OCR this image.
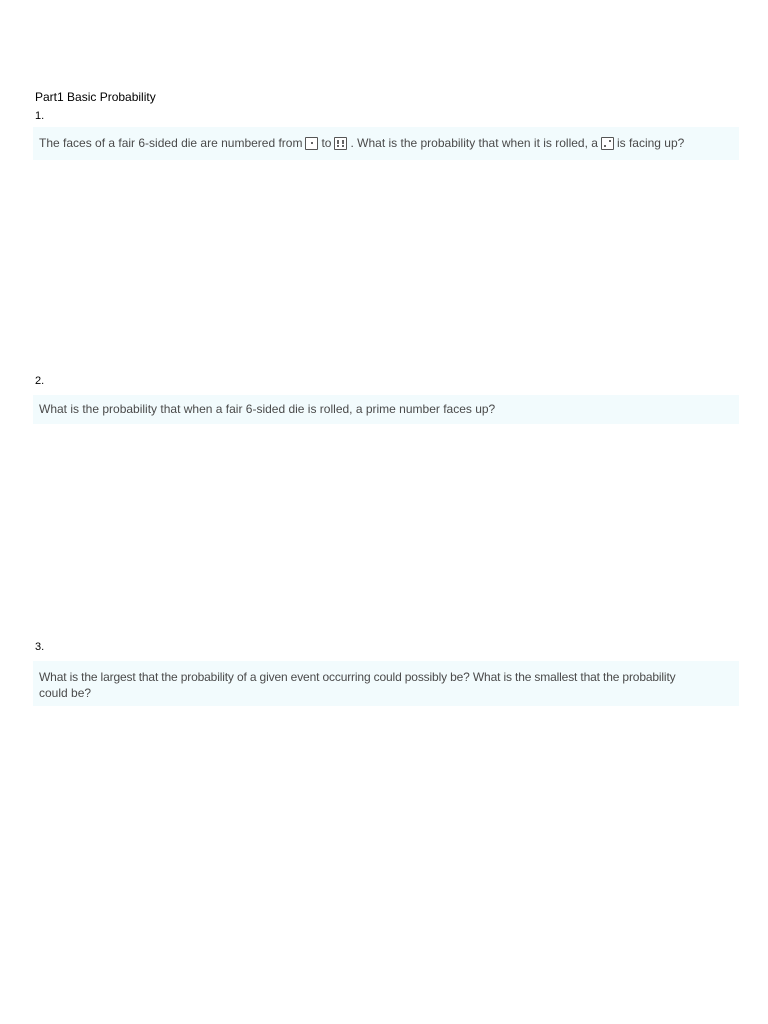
Part1 Basic Probability
1.
The faces of a fair 6-sided die are numbered from to . What is the probability that when it is rolled, a is facing up?
2.
What is the probability that when a fair 6-sided die is rolled, a prime number faces up?
3.
What is the largest that the probability of a given event occurring could possibly be? What is the smallest that the probability
could be?
